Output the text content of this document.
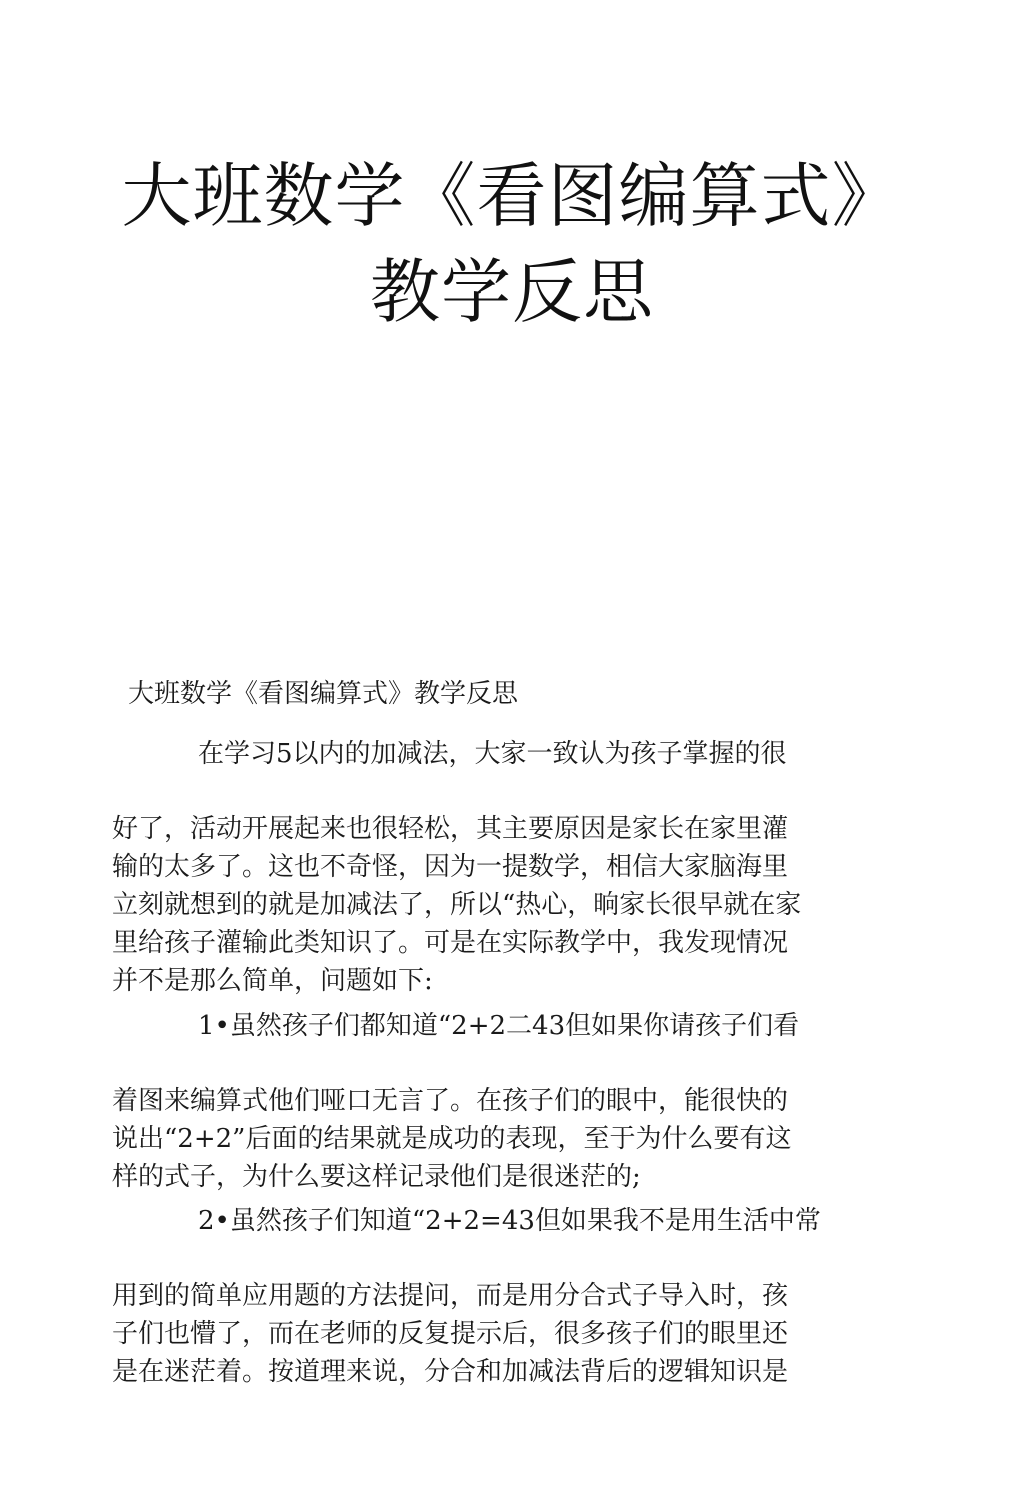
大班数学《看图编算式》
教学反思
大班数学《看图编算式》教学反思
在学习5以内的加减法，大家一致认为孩子掌握的很
好了，活动开展起来也很轻松，其主要原因是家长在家里灌
输的太多了。这也不奇怪，因为一提数学，相信大家脑海里
立刻就想到的就是加减法了，所以“热心，晌家长很早就在家
里给孩子灌输此类知识了。可是在实际教学中，我发现情况
并不是那么简单，问题如下:
1•虽然孩子们都知道“2+2二43但如果你请孩子们看
着图来编算式他们哑口无言了。在孩子们的眼中，能很快的
说出“2+2”后面的结果就是成功的表现，至于为什么要有这
样的式子，为什么要这样记录他们是很迷茫的;
2•虽然孩子们知道“2+2=43但如果我不是用生活中常
用到的简单应用题的方法提问，而是用分合式子导入时，孩
子们也懵了，而在老师的反复提示后，很多孩子们的眼里还
是在迷茫着。按道理来说，分合和加减法背后的逻辑知识是
